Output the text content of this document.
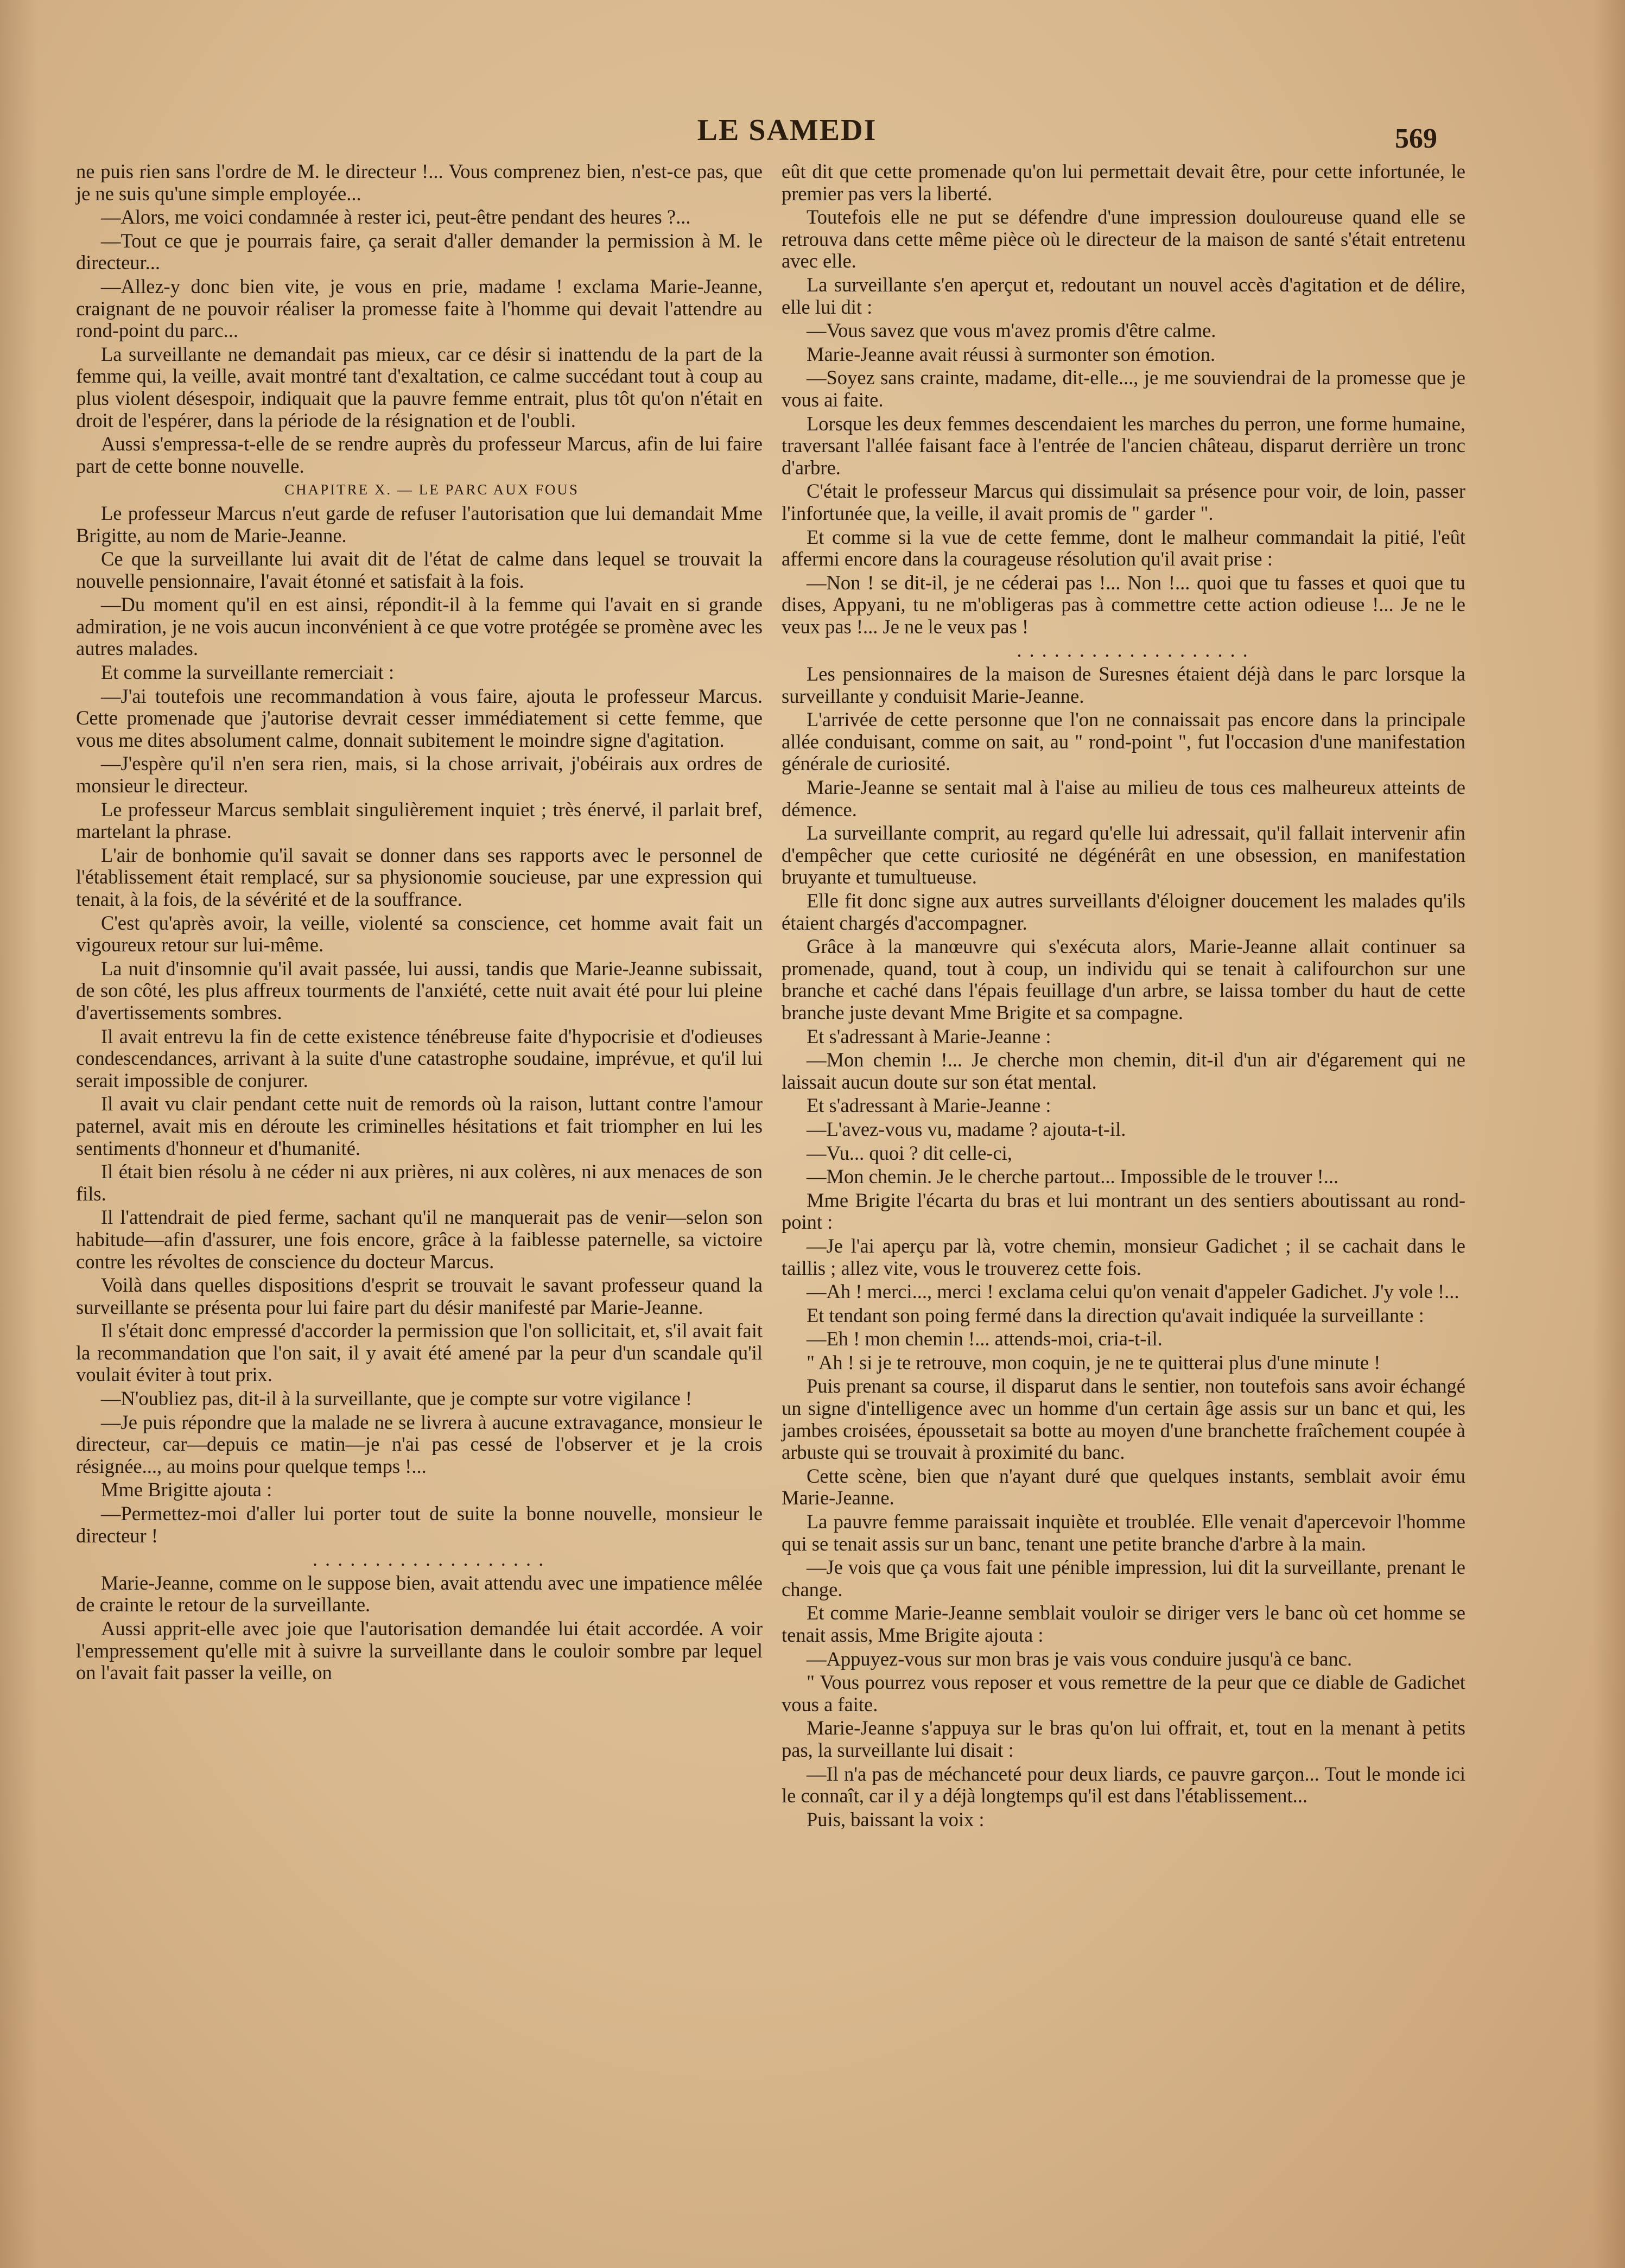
LE SAMEDI	569

ne puis rien sans l'ordre de M. le directeur !... Vous comprenez bien, n'est-ce pas, que je ne suis qu'une simple employée...

—Alors, me voici condamnée à rester ici, peut-être pendant des heures ?...

—Tout ce que je pourrais faire, ça serait d'aller demander la permission à M. le directeur...

—Allez-y donc bien vite, je vous en prie, madame ! exclama Marie-Jeanne, craignant de ne pouvoir réaliser la promesse faite à l'homme qui devait l'attendre au rond-point du parc...

La surveillante ne demandait pas mieux, car ce désir si inattendu de la part de la femme qui, la veille, avait montré tant d'exaltation, ce calme succédant tout à coup au plus violent désespoir, indiquait que la pauvre femme entrait, plus tôt qu'on n'était en droit de l'espérer, dans la période de la résignation et de l'oubli.

Aussi s'empressa-t-elle de se rendre auprès du professeur Marcus, afin de lui faire part de cette bonne nouvelle.

CHAPITRE X. — LE PARC AUX FOUS

Le professeur Marcus n'eut garde de refuser l'autorisation que lui demandait Mme Brigitte, au nom de Marie-Jeanne.

Ce que la surveillante lui avait dit de l'état de calme dans lequel se trouvait la nouvelle pensionnaire, l'avait étonné et satisfait à la fois.

—Du moment qu'il en est ainsi, répondit-il à la femme qui l'avait en si grande admiration, je ne vois aucun inconvénient à ce que votre protégée se promène avec les autres malades.

Et comme la surveillante remerciait :

—J'ai toutefois une recommandation à vous faire, ajouta le professeur Marcus. Cette promenade que j'autorise devrait cesser immédiatement si cette femme, que vous me dites absolument calme, donnait subitement le moindre signe d'agitation.

—J'espère qu'il n'en sera rien, mais, si la chose arrivait, j'obéirais aux ordres de monsieur le directeur.

Le professeur Marcus semblait singulièrement inquiet ; très énervé, il parlait bref, martelant la phrase.

L'air de bonhomie qu'il savait se donner dans ses rapports avec le personnel de l'établissement était remplacé, sur sa physionomie soucieuse, par une expression qui tenait, à la fois, de la sévérité et de la souffrance.

C'est qu'après avoir, la veille, violenté sa conscience, cet homme avait fait un vigoureux retour sur lui-même.

La nuit d'insomnie qu'il avait passée, lui aussi, tandis que Marie-Jeanne subissait, de son côté, les plus affreux tourments de l'anxiété, cette nuit avait été pour lui pleine d'avertissements sombres.

Il avait entrevu la fin de cette existence ténébreuse faite d'hypocrisie et d'odieuses condescendances, arrivant à la suite d'une catastrophe soudaine, imprévue, et qu'il lui serait impossible de conjurer.

Il avait vu clair pendant cette nuit de remords où la raison, luttant contre l'amour paternel, avait mis en déroute les criminelles hésitations et fait triompher en lui les sentiments d'honneur et d'humanité.

Il était bien résolu à ne céder ni aux prières, ni aux colères, ni aux menaces de son fils.

Il l'attendrait de pied ferme, sachant qu'il ne manquerait pas de venir—selon son habitude—afin d'assurer, une fois encore, grâce à la faiblesse paternelle, sa victoire contre les révoltes de conscience du docteur Marcus.

Voilà dans quelles dispositions d'esprit se trouvait le savant professeur quand la surveillante se présenta pour lui faire part du désir manifesté par Marie-Jeanne.

Il s'était donc empressé d'accorder la permission que l'on sollicitait, et, s'il avait fait la recommandation que l'on sait, il y avait été amené par la peur d'un scandale qu'il voulait éviter à tout prix.

—N'oubliez pas, dit-il à la surveillante, que je compte sur votre vigilance !

—Je puis répondre que la malade ne se livrera à aucune extravagance, monsieur le directeur, car—depuis ce matin—je n'ai pas cessé de l'observer et je la crois résignée..., au moins pour quelque temps !...

Mme Brigitte ajouta :

—Permettez-moi d'aller lui porter tout de suite la bonne nouvelle, monsieur le directeur !

...................

Marie-Jeanne, comme on le suppose bien, avait attendu avec une impatience mêlée de crainte le retour de la surveillante.

Aussi apprit-elle avec joie que l'autorisation demandée lui était accordée. A voir l'empressement qu'elle mit à suivre la surveillante dans le couloir sombre par lequel on l'avait fait passer la veille, on

eût dit que cette promenade qu'on lui permettait devait être, pour cette infortunée, le premier pas vers la liberté.

Toutefois elle ne put se défendre d'une impression douloureuse quand elle se retrouva dans cette même pièce où le directeur de la maison de santé s'était entretenu avec elle.

La surveillante s'en aperçut et, redoutant un nouvel accès d'agitation et de délire, elle lui dit :

—Vous savez que vous m'avez promis d'être calme.

Marie-Jeanne avait réussi à surmonter son émotion.

—Soyez sans crainte, madame, dit-elle..., je me souviendrai de la promesse que je vous ai faite.

Lorsque les deux femmes descendaient les marches du perron, une forme humaine, traversant l'allée faisant face à l'entrée de l'ancien château, disparut derrière un tronc d'arbre.

C'était le professeur Marcus qui dissimulait sa présence pour voir, de loin, passer l'infortunée que, la veille, il avait promis de " garder ".

Et comme si la vue de cette femme, dont le malheur commandait la pitié, l'eût affermi encore dans la courageuse résolution qu'il avait prise :

—Non ! se dit-il, je ne céderai pas !... Non !... quoi que tu fasses et quoi que tu dises, Appyani, tu ne m'obligeras pas à commettre cette action odieuse !... Je ne le veux pas !... Je ne le veux pas !

...................

Les pensionnaires de la maison de Suresnes étaient déjà dans le parc lorsque la surveillante y conduisit Marie-Jeanne.

L'arrivée de cette personne que l'on ne connaissait pas encore dans la principale allée conduisant, comme on sait, au " rond-point ", fut l'occasion d'une manifestation générale de curiosité.

Marie-Jeanne se sentait mal à l'aise au milieu de tous ces malheureux atteints de démence.

La surveillante comprit, au regard qu'elle lui adressait, qu'il fallait intervenir afin d'empêcher que cette curiosité ne dégénérât en une obsession, en manifestation bruyante et tumultueuse.

Elle fit donc signe aux autres surveillants d'éloigner doucement les malades qu'ils étaient chargés d'accompagner.

Grâce à la manœuvre qui s'exécuta alors, Marie-Jeanne allait continuer sa promenade, quand, tout à coup, un individu qui se tenait à califourchon sur une branche et caché dans l'épais feuillage d'un arbre, se laissa tomber du haut de cette branche juste devant Mme Brigite et sa compagne.

Et s'adressant à Marie-Jeanne :

—Mon chemin !... Je cherche mon chemin, dit-il d'un air d'égarement qui ne laissait aucun doute sur son état mental.

Et s'adressant à Marie-Jeanne :

—L'avez-vous vu, madame ? ajouta-t-il.

—Vu... quoi ? dit celle-ci,

—Mon chemin. Je le cherche partout... Impossible de le trouver !...

Mme Brigite l'écarta du bras et lui montrant un des sentiers aboutissant au rond-point :

—Je l'ai aperçu par là, votre chemin, monsieur Gadichet ; il se cachait dans le taillis ; allez vite, vous le trouverez cette fois.

—Ah ! merci..., merci ! exclama celui qu'on venait d'appeler Gadichet. J'y vole !...

Et tendant son poing fermé dans la direction qu'avait indiquée la surveillante :

—Eh ! mon chemin !... attends-moi, cria-t-il.

" Ah ! si je te retrouve, mon coquin, je ne te quitterai plus d'une minute !

Puis prenant sa course, il disparut dans le sentier, non toutefois sans avoir échangé un signe d'intelligence avec un homme d'un certain âge assis sur un banc et qui, les jambes croisées, époussetait sa botte au moyen d'une branchette fraîchement coupée à arbuste qui se trouvait à proximité du banc.

Cette scène, bien que n'ayant duré que quelques instants, semblait avoir ému Marie-Jeanne.

La pauvre femme paraissait inquiète et troublée. Elle venait d'apercevoir l'homme qui se tenait assis sur un banc, tenant une petite branche d'arbre à la main.

—Je vois que ça vous fait une pénible impression, lui dit la surveillante, prenant le change.

Et comme Marie-Jeanne semblait vouloir se diriger vers le banc où cet homme se tenait assis, Mme Brigite ajouta :

—Appuyez-vous sur mon bras je vais vous conduire jusqu'à ce banc.

" Vous pourrez vous reposer et vous remettre de la peur que ce diable de Gadichet vous a faite.

Marie-Jeanne s'appuya sur le bras qu'on lui offrait, et, tout en la menant à petits pas, la surveillante lui disait :

—Il n'a pas de méchanceté pour deux liards, ce pauvre garçon... Tout le monde ici le connaît, car il y a déjà longtemps qu'il est dans l'établissement...

Puis, baissant la voix :
